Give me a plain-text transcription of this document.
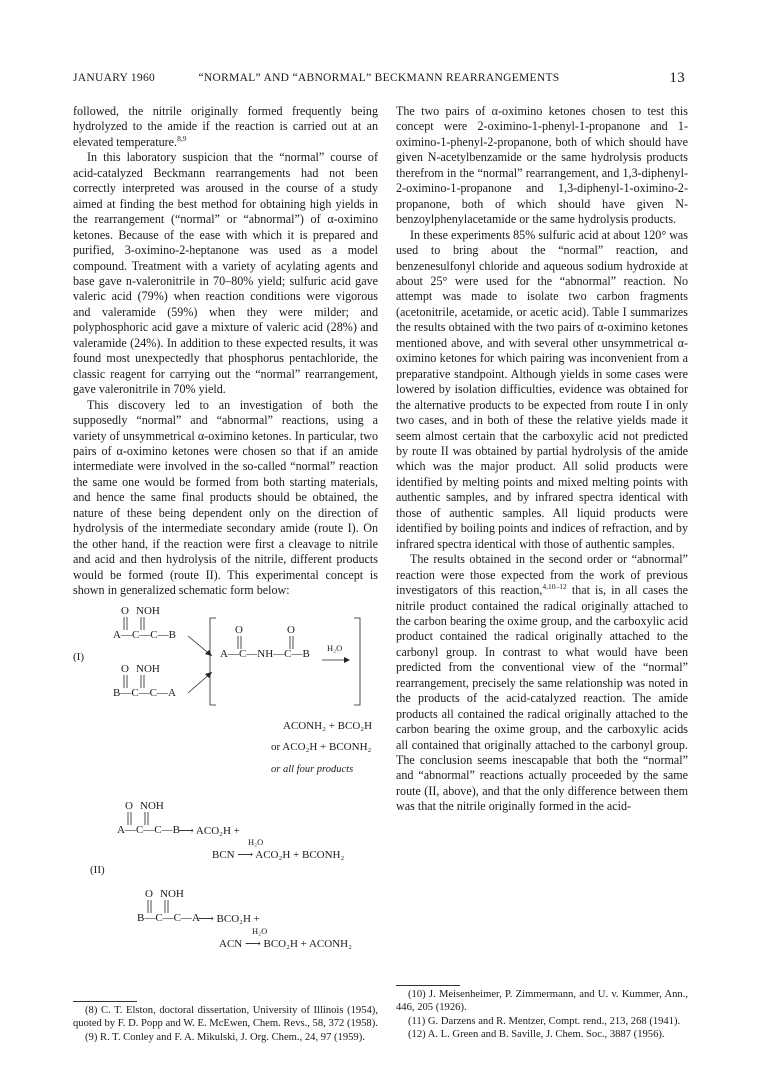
JANUARY 1960	“NORMAL” AND “ABNORMAL” BECKMANN REARRANGEMENTS	13

followed, the nitrile originally formed frequently being hydrolyzed to the amide if the reaction is carried out at an elevated temperature.$^{8,9}$

In this laboratory suspicion that the “normal” course of acid-catalyzed Beckmann rearrangements had not been correctly interpreted was aroused in the course of a study aimed at finding the best method for obtaining high yields in the rearrangement (“normal” or “abnormal”) of α-oximino ketones. Because of the ease with which it is prepared and purified, 3-oximino-2-heptanone was used as a model compound. Treatment with a variety of acylating agents and base gave n-valeronitrile in 70–80% yield; sulfuric acid gave valeric acid (79%) when reaction conditions were vigorous and valeramide (59%) when they were milder; and polyphosphoric acid gave a mixture of valeric acid (28%) and valeramide (24%). In addition to these expected results, it was found most unexpectedly that phosphorus pentachloride, the classic reagent for carrying out the “normal” rearrangement, gave valeronitrile in 70% yield.

This discovery led to an investigation of both the supposedly “normal” and “abnormal” reactions, using a variety of unsymmetrical α-oximino ketones. In particular, two pairs of α-oximino ketones were chosen so that if an amide intermediate were involved in the so-called “normal” reaction the same one would be formed from both starting materials, and hence the same final products should be obtained, the nature of these being dependent only on the direction of hydrolysis of the intermediate secondary amide (route I). On the other hand, if the reaction were first a cleavage to nitrile and acid and then hydrolysis of the nitrile, different products would be formed (route II). This experimental concept is shown in generalized schematic form below:

(I)
O NOH
A—C—C—B
O NOH
B—C—C—A
O	O
A—C—NH—C—B H₂O
ACONH₂ + BCO₂H
or ACO₂H + BCONH₂
or all four products
O NOH
A—C—C—B
⟶ ACO₂H +
H₂O
BCN ⟶ ACO₂H + BCONH₂
(II)
O NOH
B—C—C—A
⟶ BCO₂H +
H₂O
ACN ⟶ BCO₂H + ACONH₂

The two pairs of α-oximino ketones chosen to test this concept were 2-oximino-1-phenyl-1-propanone and 1-oximino-1-phenyl-2-propanone, both of which should have given N-acetylbenzamide or the same hydrolysis products therefrom in the “normal” rearrangement, and 1,3-diphenyl-2-oximino-1-propanone and 1,3-diphenyl-1-oximino-2-propanone, both of which should have given N-benzoylphenylacetamide or the same hydrolysis products.

In these experiments 85% sulfuric acid at about 120° was used to bring about the “normal” reaction, and benzenesulfonyl chloride and aqueous sodium hydroxide at about 25° were used for the “abnormal” reaction. No attempt was made to isolate two carbon fragments (acetonitrile, acetamide, or acetic acid). Table I summarizes the results obtained with the two pairs of α-oximino ketones mentioned above, and with several other unsymmetrical α-oximino ketones for which pairing was inconvenient from a preparative standpoint. Although yields in some cases were lowered by isolation difficulties, evidence was obtained for the alternative products to be expected from route I in only two cases, and in both of these the relative yields made it seem almost certain that the carboxylic acid not predicted by route II was obtained by partial hydrolysis of the amide which was the major product. All solid products were identified by melting points and mixed melting points with authentic samples, and by infrared spectra identical with those of authentic samples. All liquid products were identified by boiling points and indices of refraction, and by infrared spectra identical with those of authentic samples.

The results obtained in the second order or “abnormal” reaction were those expected from the work of previous investigators of this reaction,$^{4,10-12}$ that is, in all cases the nitrile product contained the radical originally attached to the carbon bearing the oxime group, and the carboxylic acid product contained the radical originally attached to the carbonyl group. In contrast to what would have been predicted from the conventional view of the “normal” rearrangement, precisely the same relationship was noted in the products of the acid-catalyzed reaction. The amide products all contained the radical originally attached to the carbon bearing the oxime group, and the carboxylic acids all contained that originally attached to the carbonyl group. The conclusion seems inescapable that both the “normal” and “abnormal” reactions actually proceeded by the same route (II, above), and that the only difference between them was that the nitrile originally formed in the acid-

(8) C. T. Elston, doctoral dissertation, University of Illinois (1954), quoted by F. D. Popp and W. E. McEwen, Chem. Revs., 58, 372 (1958).

(9) R. T. Conley and F. A. Mikulski, J. Org. Chem., 24, 97 (1959).

(10) J. Meisenheimer, P. Zimmermann, and U. v. Kummer, Ann., 446, 205 (1926).

(11) G. Darzens and R. Mentzer, Compt. rend., 213, 268 (1941).

(12) A. L. Green and B. Saville, J. Chem. Soc., 3887 (1956).
